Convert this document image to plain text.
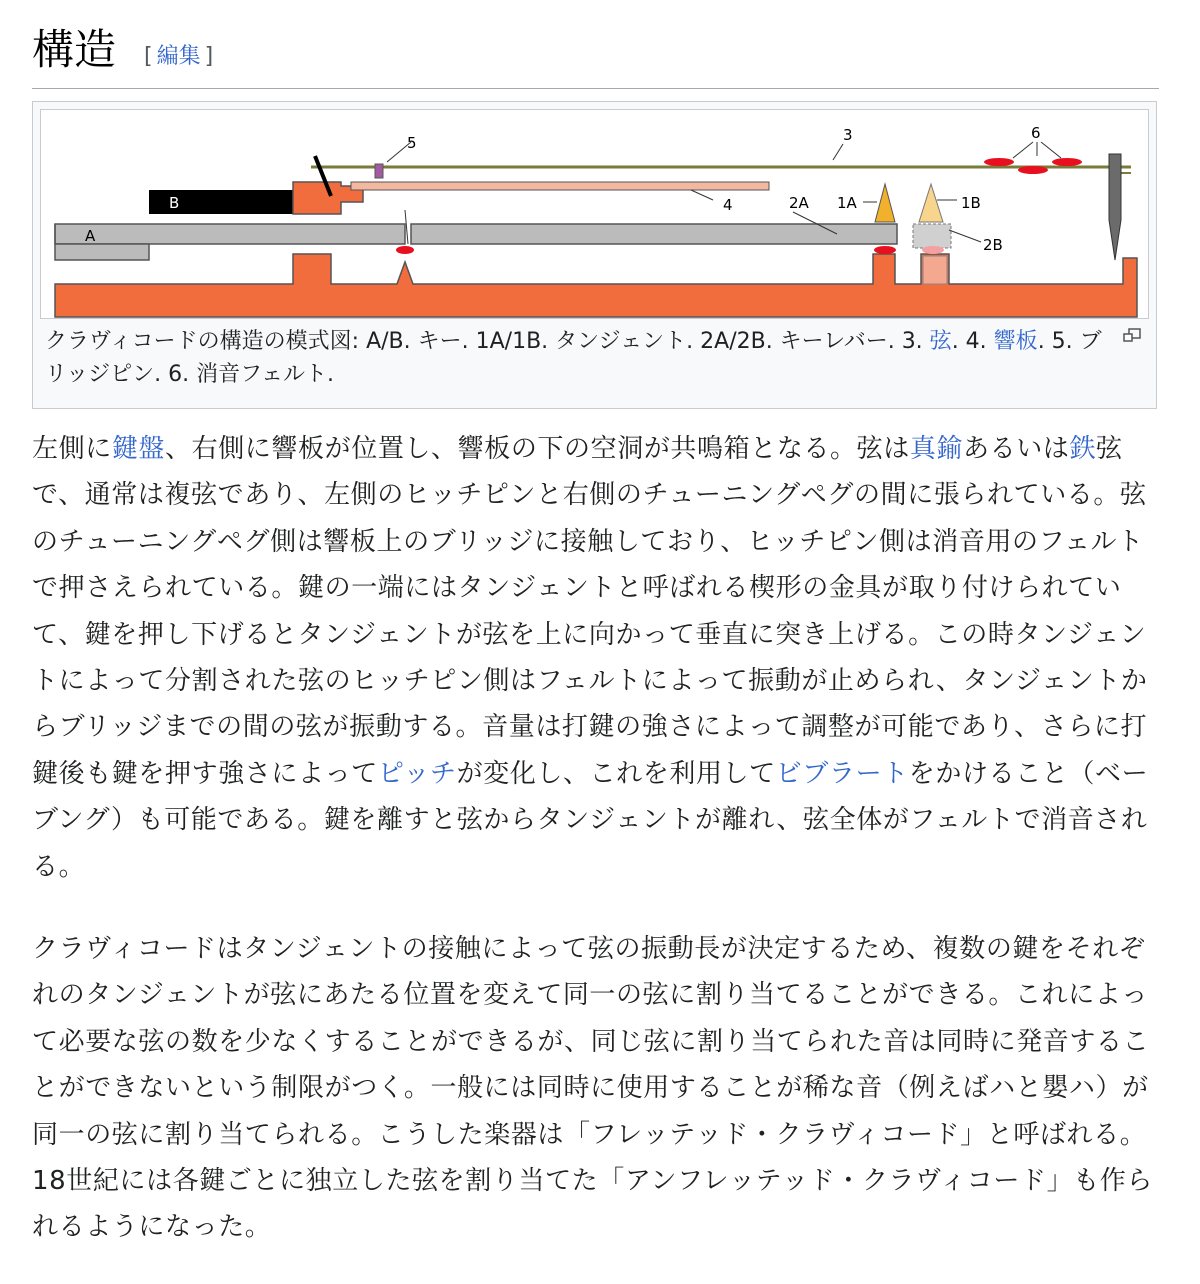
構造 [ 編集 ]
A
B	1A	1B
2A
2B
3
4
5
6
クラヴィコードの構造の模式図: A/B. キー. 1A/1B. タンジェント. 2A/2B. キーレバー. 3. 弦. 4. 響板. 5. ブリッジピン. 6. 消音フェルト.

左側に鍵盤、右側に響板が位置し、響板の下の空洞が共鳴箱となる。弦は真鍮あるいは鉄弦で、通常は複弦であり、左側のヒッチピンと右側のチューニングペグの間に張られている。弦のチューニングペグ側は響板上のブリッジに接触しており、ヒッチピン側は消音用のフェルトで押さえられている。鍵の一端にはタンジェントと呼ばれる楔形の金具が取り付けられていて、鍵を押し下げるとタンジェントが弦を上に向かって垂直に突き上げる。この時タンジェントによって分割された弦のヒッチピン側はフェルトによって振動が止められ、タンジェントからブリッジまでの間の弦が振動する。音量は打鍵の強さによって調整が可能であり、さらに打鍵後も鍵を押す強さによってピッチが変化し、これを利用してビブラートをかけること（ベーブング）も可能である。鍵を離すと弦からタンジェントが離れ、弦全体がフェルトで消音される。

クラヴィコードはタンジェントの接触によって弦の振動長が決定するため、複数の鍵をそれぞれのタンジェントが弦にあたる位置を変えて同一の弦に割り当てることができる。これによって必要な弦の数を少なくすることができるが、同じ弦に割り当てられた音は同時に発音することができないという制限がつく。一般には同時に使用することが稀な音（例えばハと嬰ハ）が同一の弦に割り当てられる。こうした楽器は「フレッテッド・クラヴィコード」と呼ばれる。18世紀には各鍵ごとに独立した弦を割り当てた「アンフレッテッド・クラヴィコード」も作られるようになった。
